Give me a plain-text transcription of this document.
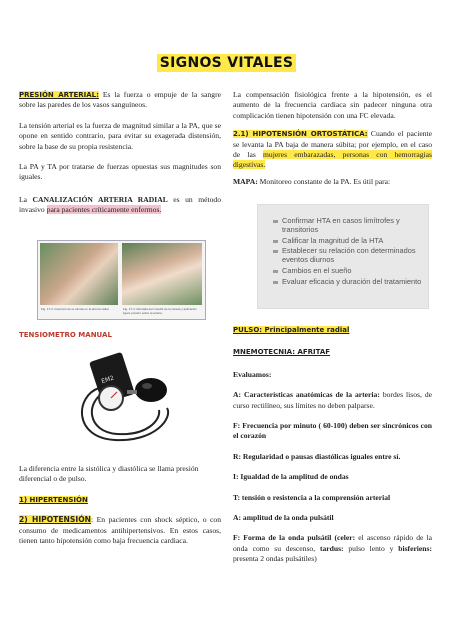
SIGNOS VITALES

PRESIÓN ARTERIAL: Es la fuerza o empuje de la sangre sobre las paredes de los vasos sanguíneos.

La tensión arterial es la fuerza de magnitud similar a la PA, que se opone en sentido contrario, para evitar su exagerada distensión, sobre la base de su propia resistencia.

La PA y TA por tratarse de fuerzas opuestas sus magnitudes son iguales.

La CANALIZACIÓN ARTERIA RADIAL es un método invasivo para pacientes críticamente enfermos.

Fig. 17-3. Inserción de la cánula en la arteria radial.	Fig. 17-4. Retirada del mandril de la cánula y aplicación ligera presión sobre la arteria.
TENSIOMETRO MANUAL
EM2

La diferencia entre la sistólica y diastólica se llama presión diferencial o de pulso.

1) HIPERTENSIÓN

2) HIPOTENSIÓN: En pacientes con shock séptico, o con consumo de medicamentos antihipertensivos. En estos casos, tienen tanto hipotensión como baja frecuencia cardiaca.

La compensación fisiológica frente a la hipotensión, es el aumento de la frecuencia cardiaca sin padecer ninguna otra complicación tienen hipotensión con una FC elevada.

2.1) HIPOTENSIÓN ORTOSTÁTICA: Cuando el paciente se levanta la PA baja de manera súbita; por ejemplo, en el caso de las mujeres embarazadas, personas con hemorragias digestivas.

MAPA: Monitoreo constante de la PA. Es útil para:

Confirmar HTA en casos limítrofes y transitorios
Calificar la magnitud de la HTA
Establecer su relación con determinados eventos diurnos
Cambios en el sueño
Evaluar eficacia y duración del tratamiento

PULSO: Principalmente radial

MNEMOTECNIA: AFRITAF

Evaluamos:

A: Características anatómicas de la arteria: bordes lisos, de curso rectilíneo, sus límites no deben palparse.

F: Frecuencia por minuto ( 60-100) deben ser sincrónicos con el corazón

R: Regularidad o pausas diastólicas iguales entre sí.

I: Igualdad de la amplitud de ondas

T: tensión o resistencia a la comprensión arterial

A: amplitud de la onda pulsátil

F: Forma de la onda pulsátil (celer: el ascenso rápido de la onda como su descenso, tardus: pulso lento y bisferiens: presenta 2 ondas pulsátiles)
